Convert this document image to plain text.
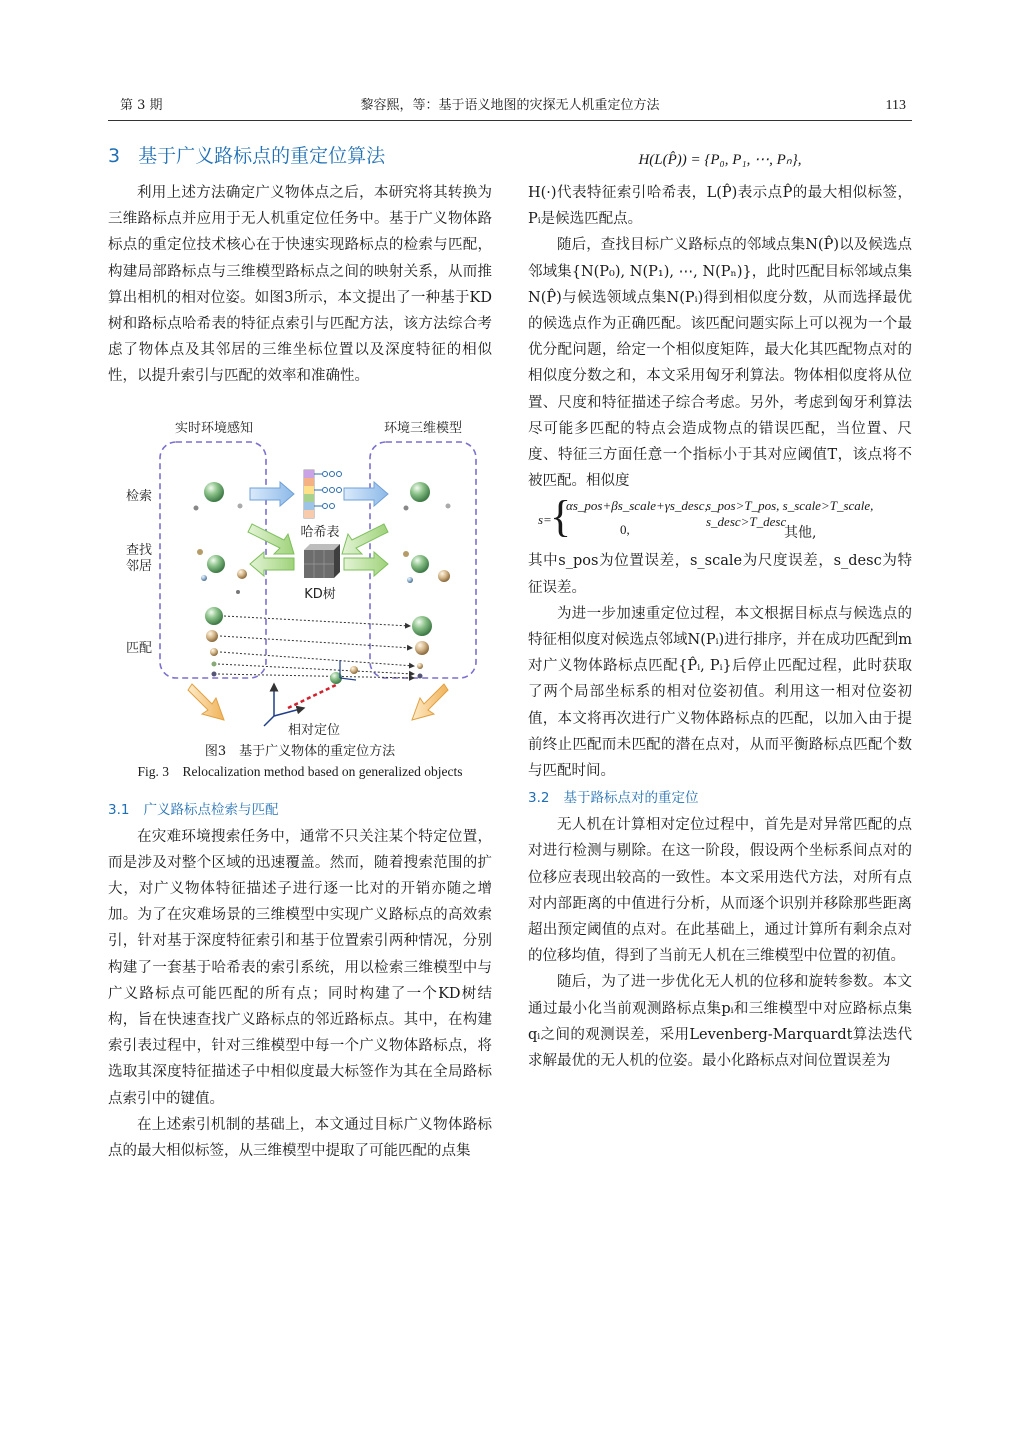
第 3 期	黎容熙，等：基于语义地图的灾探无人机重定位方法	113
3 基于广义路标点的重定位算法

利用上述方法确定广义物体点之后，本研究将其转换为三维路标点并应用于无人机重定位任务中。基于广义物体路标点的重定位技术核心在于快速实现路标点的检索与匹配，构建局部路标点与三维模型路标点之间的映射关系，从而推算出相机的相对位姿。如图3所示，本文提出了一种基于KD树和路标点哈希表的特征点索引与匹配方法，该方法综合考虑了物体点及其邻居的三维坐标位置以及深度特征的相似性，以提升索引与匹配的效率和准确性。

实时环境感知	环境三维模型
检索
查找
邻居
匹配
哈希表
KD树
相对定位

图3　基于广义物体的重定位方法

Fig. 3　Relocalization method based on generalized objects

3.1 广义路标点检索与匹配

在灾难环境搜索任务中，通常不只关注某个特定位置，而是涉及对整个区域的迅速覆盖。然而，随着搜索范围的扩大，对广义物体特征描述子进行逐一比对的开销亦随之增加。为了在灾难场景的三维模型中实现广义路标点的高效索引，针对基于深度特征索引和基于位置索引两种情况，分别构建了一套基于哈希表的索引系统，用以检索三维模型中与广义路标点可能匹配的所有点；同时构建了一个KD树结构，旨在快速查找广义路标点的邻近路标点。其中，在构建索引表过程中，针对三维模型中每一个广义物体路标点，将选取其深度特征描述子中相似度最大标签作为其在全局路标点索引中的键值。

在上述索引机制的基础上，本文通过目标广义物体路标点的最大相似标签，从三维模型中提取了可能匹配的点集

H(L(P̂)) = {P₀, P₁, ⋯, Pₙ},

H(·)代表特征索引哈希表，L(P̂)表示点P̂的最大相似标签，Pᵢ是候选匹配点。

随后，查找目标广义路标点的邻域点集N(P̂)以及候选点邻域集{N(P₀), N(P₁), ⋯, N(Pₙ)}，此时匹配目标邻域点集N(P̂)与候选领域点集N(Pᵢ)得到相似度分数，从而选择最优的候选点作为正确匹配。该匹配问题实际上可以视为一个最优分配问题，给定一个相似度矩阵，最大化其匹配物点对的相似度分数之和，本文采用匈牙利算法。物体相似度将从位置、尺度和特征描述子综合考虑。另外，考虑到匈牙利算法尽可能多匹配的特点会造成物点的错误匹配，当位置、尺度、特征三方面任意一个指标小于其对应阈值T，该点将不被匹配。相似度

s=
{
αs_pos+βs_scale+γs_desc,
s_pos>T_pos, s_scale>T_scale, s_desc>T_desc
0,	其他,

其中s_pos为位置误差，s_scale为尺度误差，s_desc为特征误差。

为进一步加速重定位过程，本文根据目标点与候选点的特征相似度对候选点邻域N(Pᵢ)进行排序，并在成功匹配到m对广义物体路标点匹配{P̂ᵢ, Pᵢ}后停止匹配过程，此时获取了两个局部坐标系的相对位姿初值。利用这一相对位姿初值，本文将再次进行广义物体路标点的匹配，以加入由于提前终止匹配而未匹配的潜在点对，从而平衡路标点匹配个数与匹配时间。

3.2 基于路标点对的重定位

无人机在计算相对定位过程中，首先是对异常匹配的点对进行检测与剔除。在这一阶段，假设两个坐标系间点对的位移应表现出较高的一致性。本文采用迭代方法，对所有点对内部距离的中值进行分析，从而逐个识别并移除那些距离超出预定阈值的点对。在此基础上，通过计算所有剩余点对的位移均值，得到了当前无人机在三维模型中位置的初值。

随后，为了进一步优化无人机的位移和旋转参数。本文通过最小化当前观测路标点集pᵢ和三维模型中对应路标点集qᵢ之间的观测误差，采用Levenberg-Marquardt算法迭代求解最优的无人机的位姿。最小化路标点对间位置误差为
